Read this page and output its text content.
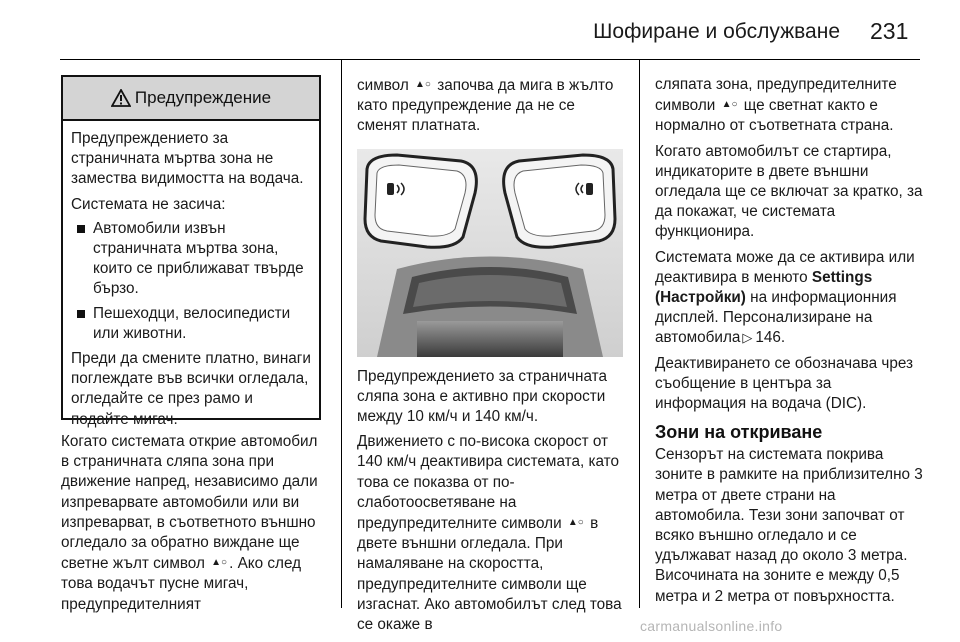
Шофиране и обслужване 231
Предупреждение

Предупреждението за страничната мъртва зона не замества видимостта на водача.

Системата не засича:

Автомобили извън страничната мъртва зона, които се приближават твърде бързо.
Пешеходци, велосипедисти или животни.

Преди да смените платно, винаги поглеждате във всички огледала, огледайте се през рамо и подайте мигач.

Когато системата открие автомобил в страничната сляпа зона при движение напред, независимо дали изпреварвате автомобили или ви изпреварват, в съответното външно огледало за обратно виждане ще светне жълт символ ▲○ . Ако след това водачът пусне мигач, предупредителният

символ ▲○ започва да мига в жълто като предупреждение да не се сменят платната.

Предупреждението за страничната сляпа зона е активно при скорости между 10 км/ч и 140 км/ч.

Движението с по-висока скорост от 140 км/ч деактивира системата, като това се показва от по-слаботоосветяване на предупредителните символи ▲○ в двете външни огледала. При намаляване на скоростта, предупредителните символи ще изгаснат. Ако автомобилът след това се окаже в

сляпата зона, предупредителните символи ▲○ ще светнат както е нормално от съответната страна.

Когато автомобилът се стартира, индикаторите в двете външни огледала ще се включат за кратко, за да покажат, че системата функционира.

Системата може да се активира или деактивира в менюто Settings (Настройки) на информационния дисплей. Персонализиране на автомобила ▷ 146.

Деактивирането се обозначава чрез съобщение в центъра за информация на водача (DIC).

Зони на откриване

Сензорът на системата покрива зоните в рамките на приблизително 3 метра от двете страни на автомобила. Тези зони започват от всяко външно огледало и се удължават назад до около 3 метра. Височината на зоните е между 0,5 метра и 2 метра от повърхността.

carmanualsonline.info
